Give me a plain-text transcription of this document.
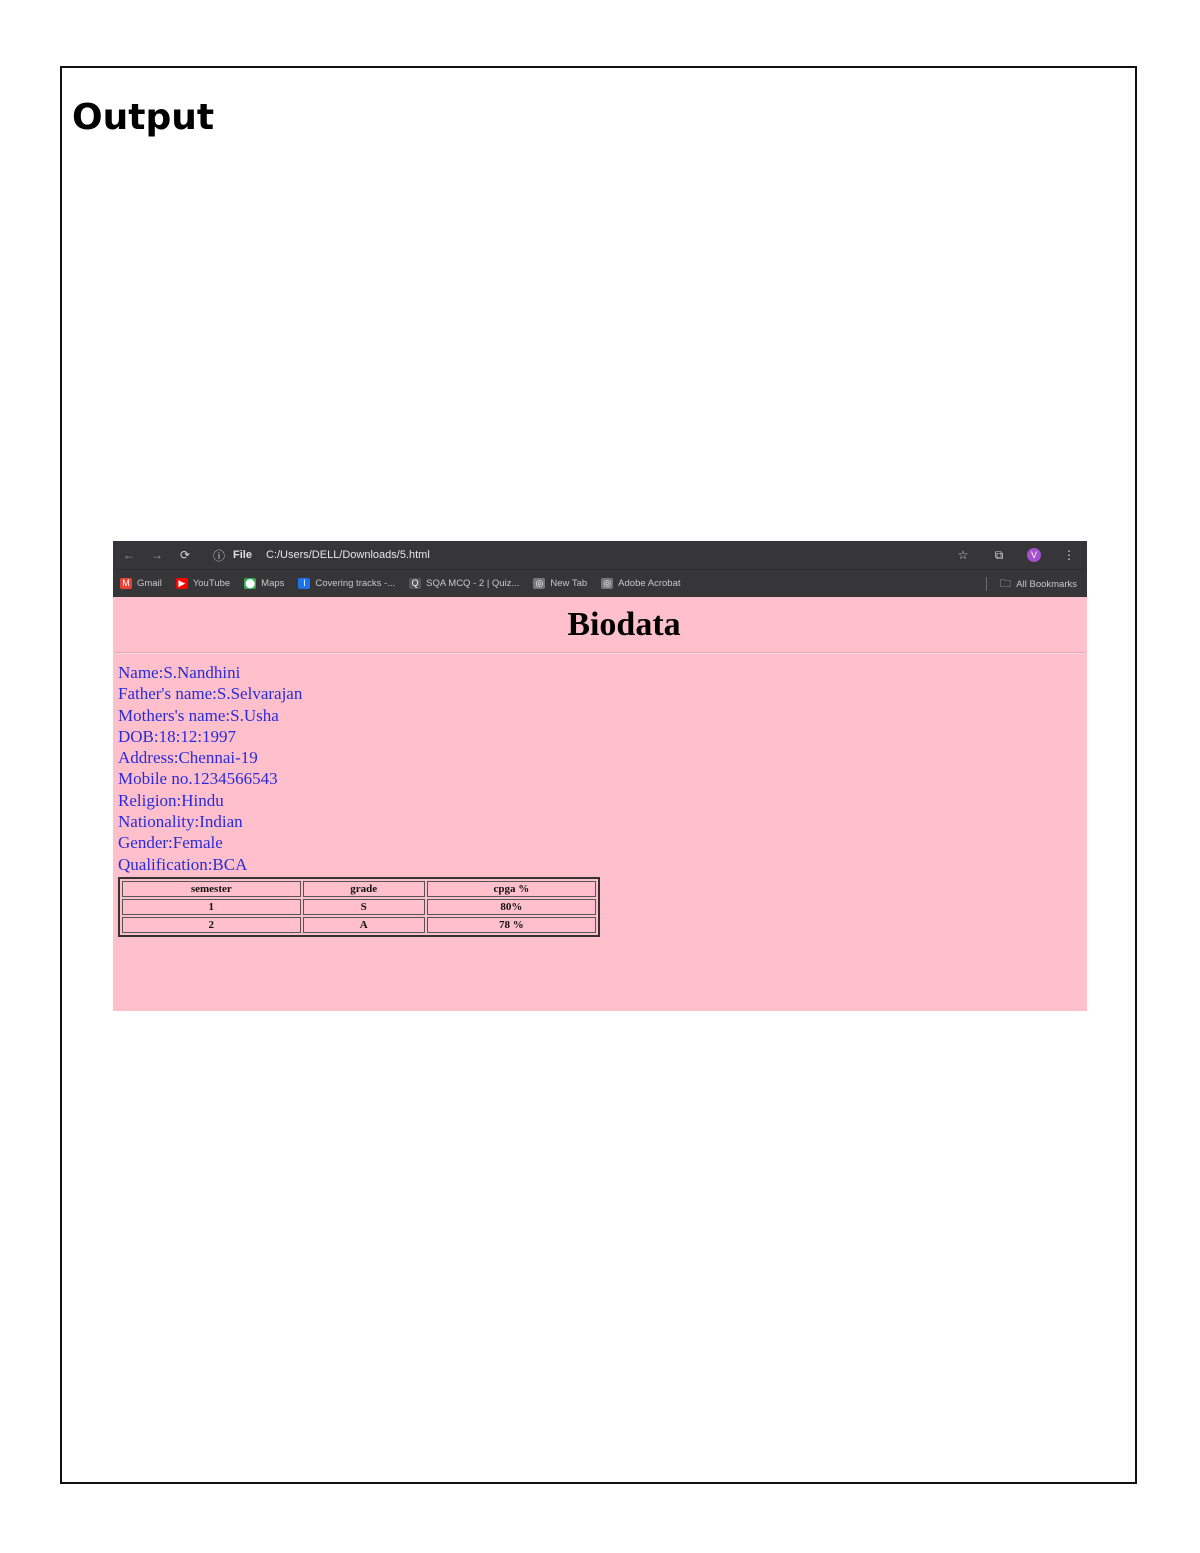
Output
← → ⟳ ⓘ File C:/Users/DELL/Downloads/5.html	☆	⧉	V	⋮
M Gmail ▶ YouTube ⬤ Maps	I	Covering tracks -... Q SQA MCQ - 2 | Quiz... ◎ New Tab ◎ Adobe Acrobat	🗀 All Bookmarks
Biodata
Name:S.Nandhini
Father's name:S.Selvarajan
Mothers's name:S.Usha
DOB:18:12:1997
Address:Chennai-19
Mobile no.1234566543
Religion:Hindu
Nationality:Indian
Gender:Female
Qualification:BCA
semester	grade	cpga %
1	S	80%
2	A	78 %
